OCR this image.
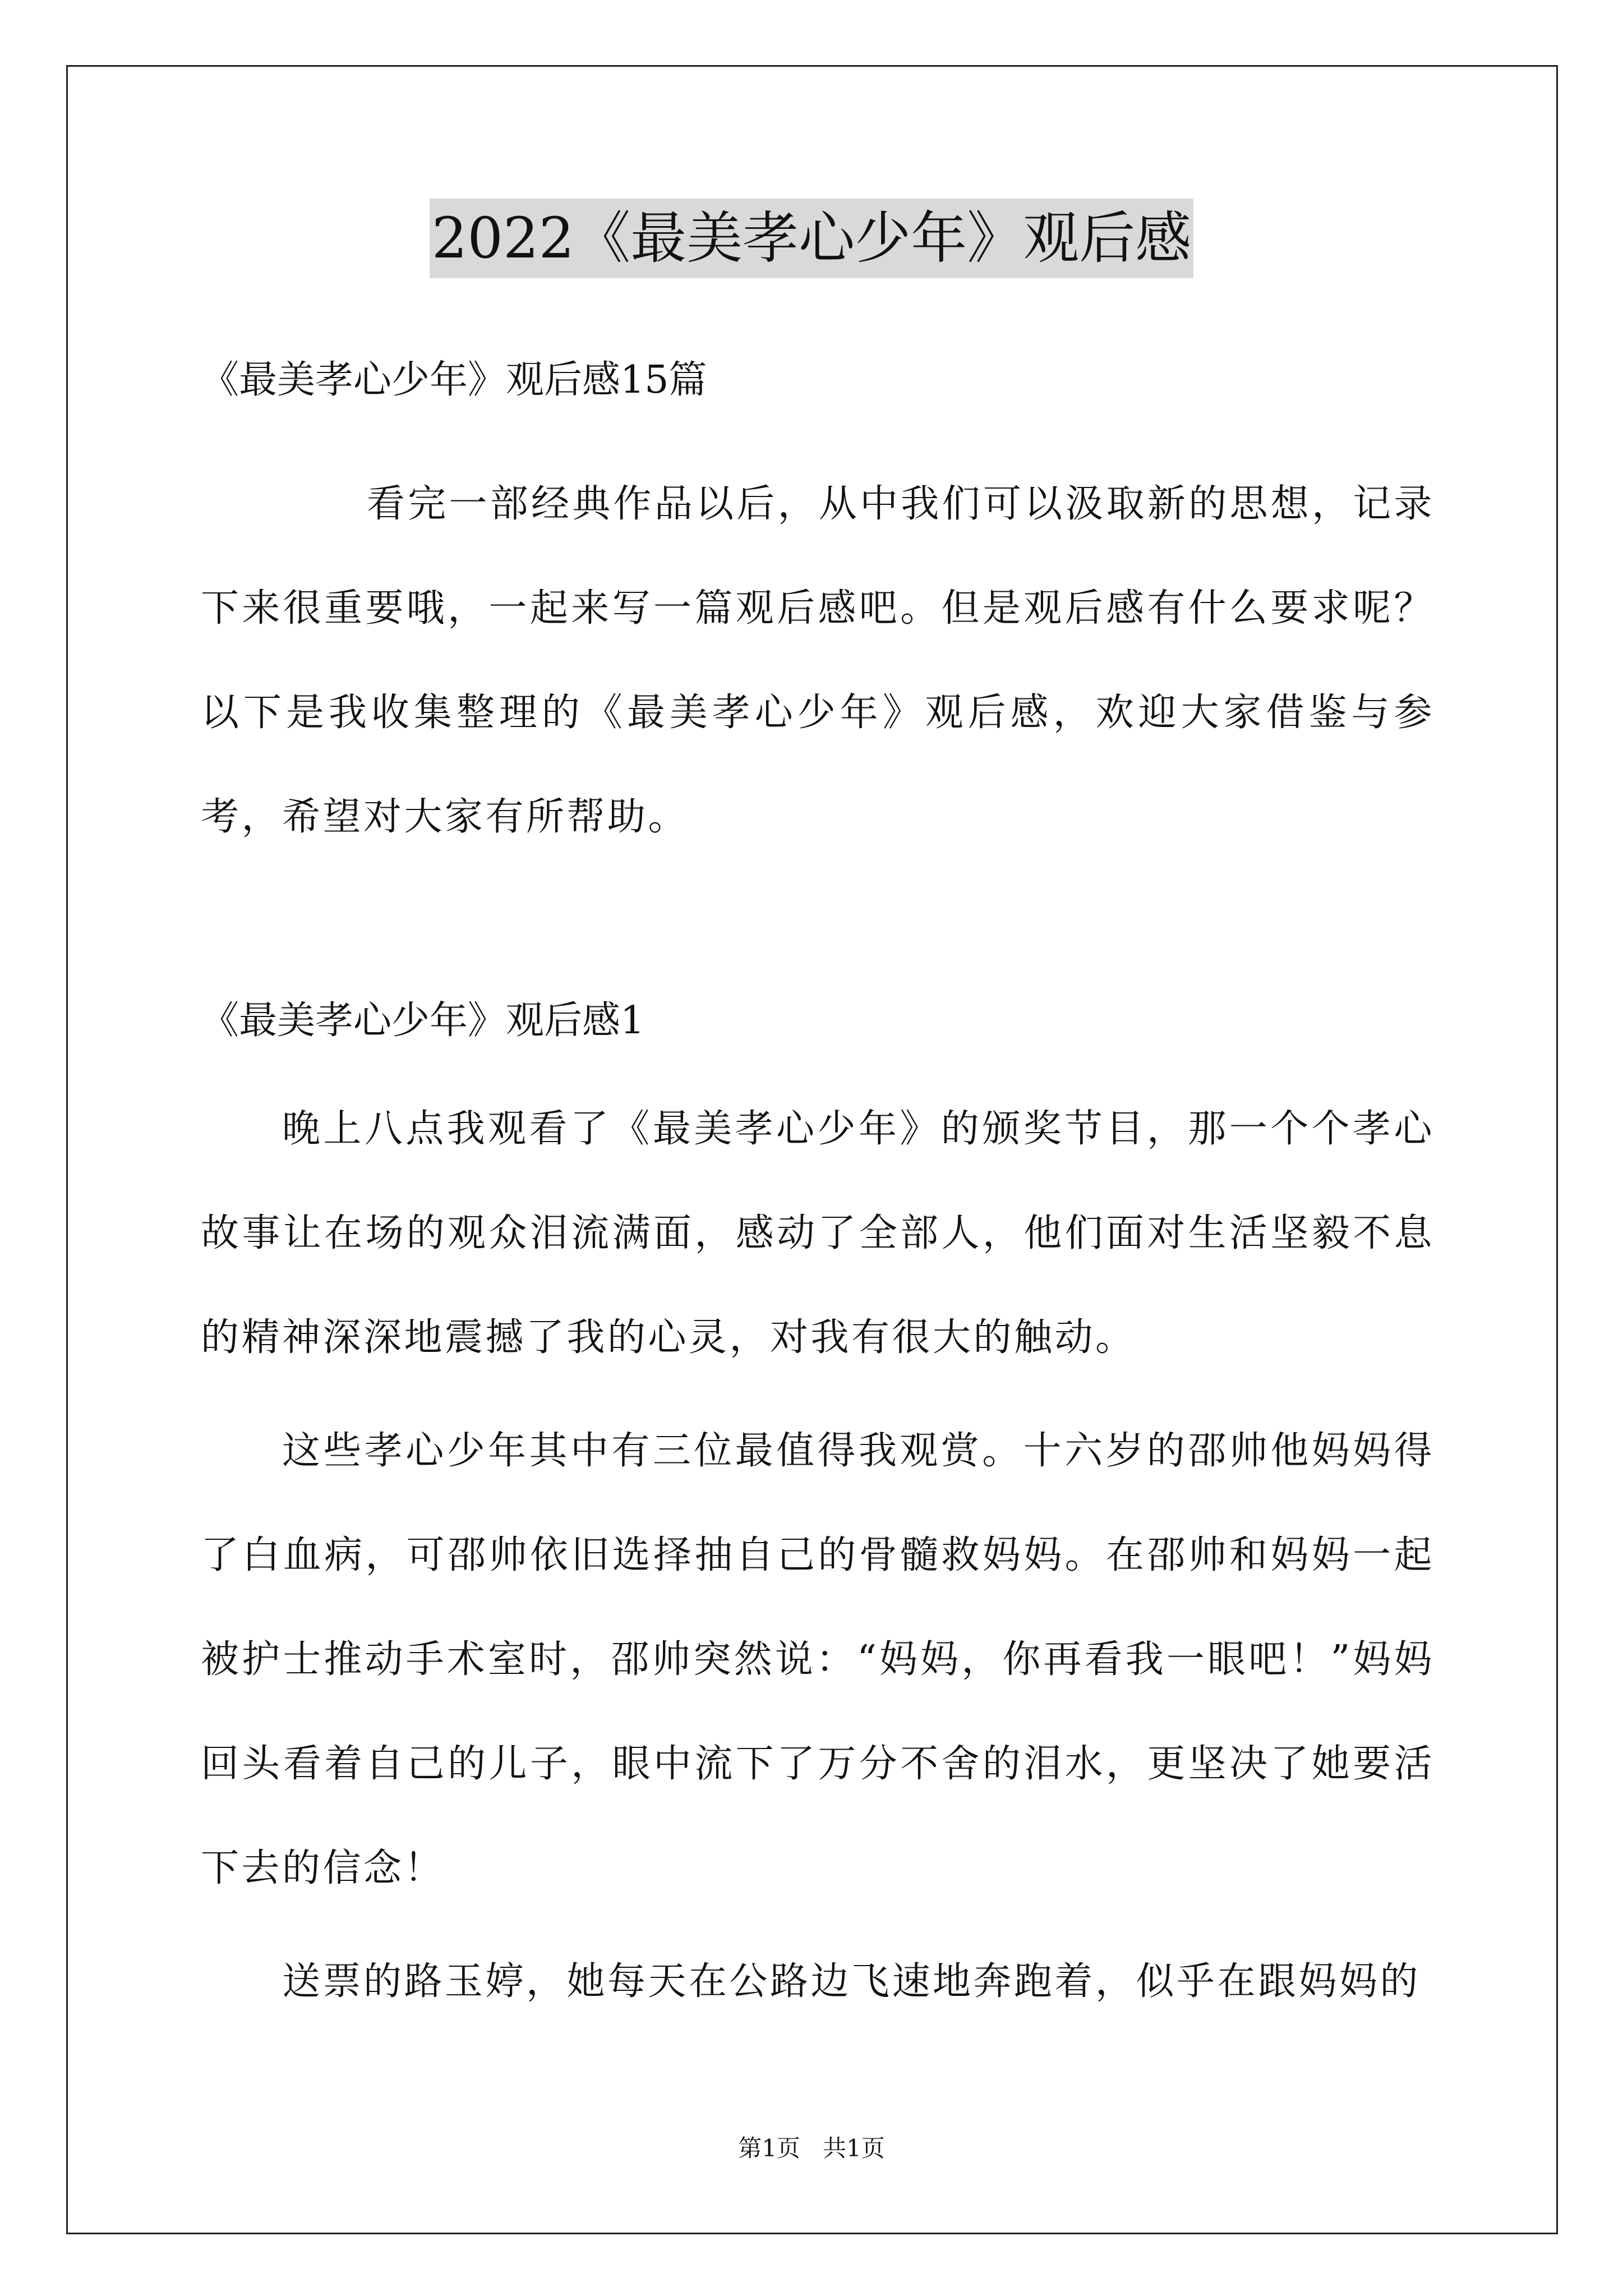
2022《最美孝心少年》观后感

《最美孝心少年》观后感15篇

看完一部经典作品以后，从中我们可以汲取新的思想，记录下来很重要哦，一起来写一篇观后感吧。但是观后感有什么要求呢？以下是我收集整理的《最美孝心少年》观后感，欢迎大家借鉴与参考，希望对大家有所帮助。

《最美孝心少年》观后感1

晚上八点我观看了《最美孝心少年》的颁奖节目，那一个个孝心故事让在场的观众泪流满面，感动了全部人，他们面对生活坚毅不息的精神深深地震撼了我的心灵，对我有很大的触动。

这些孝心少年其中有三位最值得我观赏。十六岁的邵帅他妈妈得了白血病，可邵帅依旧选择抽自己的骨髓救妈妈。在邵帅和妈妈一起被护士推动手术室时，邵帅突然说：“妈妈，你再看我一眼吧！”妈妈回头看着自己的儿子，眼中流下了万分不舍的泪水，更坚决了她要活下去的信念！

送票的路玉婷，她每天在公路边飞速地奔跑着，似乎在跟妈妈的

第1页   共1页
